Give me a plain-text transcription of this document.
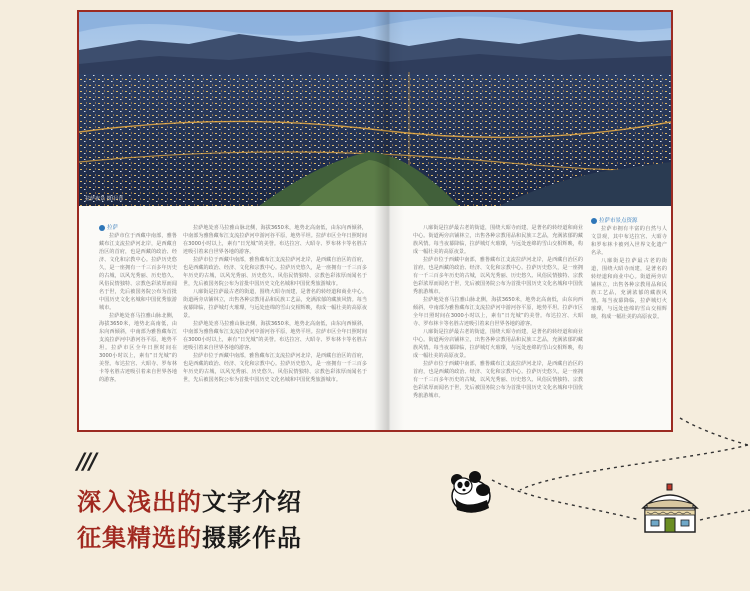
拉萨夜景 摄/吕晋
拉萨

拉萨市位于西藏中南部，雅鲁藏布江支流拉萨河北岸，是西藏自治区的首府，也是西藏的政治、经济、文化和宗教中心。拉萨历史悠久，是一座拥有一千三百多年历史的古城，以风光秀丽、历史悠久、风俗民情独特、宗教色彩浓厚而闻名于世，先后被国务院公布为首批中国历史文化名城和中国优秀旅游城市。

拉萨地处喜马拉雅山脉北侧，海拔3650米，地势北高南低，由东向西倾斜，中南部为雅鲁藏布江支流拉萨河中游河谷平原，地势平坦。拉萨市区全年日照时间在3000小时以上，素有“日光城”的美誉。布达拉宫、大昭寺、罗布林卡等名胜古迹吸引着来自世界各地的游客。

拉萨地处喜马拉雅山脉北侧，海拔3650米，地势北高南低，由东向西倾斜，中南部为雅鲁藏布江支流拉萨河中游河谷平原，地势平坦。拉萨市区全年日照时间在3000小时以上，素有“日光城”的美誉。布达拉宫、大昭寺、罗布林卡等名胜古迹吸引着来自世界各地的游客。

拉萨市位于西藏中南部，雅鲁藏布江支流拉萨河北岸，是西藏自治区的首府，也是西藏的政治、经济、文化和宗教中心。拉萨历史悠久，是一座拥有一千三百多年历史的古城，以风光秀丽、历史悠久、风俗民情独特、宗教色彩浓厚而闻名于世，先后被国务院公布为首批中国历史文化名城和中国优秀旅游城市。

八廓街是拉萨最古老的街道，围绕大昭寺而建，是著名的转经道和商业中心。街道两旁店铺林立，出售各种宗教用品和民族工艺品，充满浓郁的藏族风情。每当夜幕降临，拉萨城灯火璀璨，与远处连绵的雪山交相辉映，构成一幅壮美的高原夜景。

拉萨地处喜马拉雅山脉北侧，海拔3650米，地势北高南低，由东向西倾斜，中南部为雅鲁藏布江支流拉萨河中游河谷平原，地势平坦。拉萨市区全年日照时间在3000小时以上，素有“日光城”的美誉。布达拉宫、大昭寺、罗布林卡等名胜古迹吸引着来自世界各地的游客。

拉萨市位于西藏中南部，雅鲁藏布江支流拉萨河北岸，是西藏自治区的首府，也是西藏的政治、经济、文化和宗教中心。拉萨历史悠久，是一座拥有一千三百多年历史的古城，以风光秀丽、历史悠久、风俗民情独特、宗教色彩浓厚而闻名于世，先后被国务院公布为首批中国历史文化名城和中国优秀旅游城市。

八廓街是拉萨最古老的街道，围绕大昭寺而建，是著名的转经道和商业中心。街道两旁店铺林立，出售各种宗教用品和民族工艺品，充满浓郁的藏族风情。每当夜幕降临，拉萨城灯火璀璨，与远处连绵的雪山交相辉映，构成一幅壮美的高原夜景。

拉萨市位于西藏中南部，雅鲁藏布江支流拉萨河北岸，是西藏自治区的首府，也是西藏的政治、经济、文化和宗教中心。拉萨历史悠久，是一座拥有一千三百多年历史的古城，以风光秀丽、历史悠久、风俗民情独特、宗教色彩浓厚而闻名于世，先后被国务院公布为首批中国历史文化名城和中国优秀旅游城市。

拉萨地处喜马拉雅山脉北侧，海拔3650米，地势北高南低，由东向西倾斜，中南部为雅鲁藏布江支流拉萨河中游河谷平原，地势平坦。拉萨市区全年日照时间在3000小时以上，素有“日光城”的美誉。布达拉宫、大昭寺、罗布林卡等名胜古迹吸引着来自世界各地的游客。

八廓街是拉萨最古老的街道，围绕大昭寺而建，是著名的转经道和商业中心。街道两旁店铺林立，出售各种宗教用品和民族工艺品，充满浓郁的藏族风情。每当夜幕降临，拉萨城灯火璀璨，与远处连绵的雪山交相辉映，构成一幅壮美的高原夜景。

拉萨市位于西藏中南部，雅鲁藏布江支流拉萨河北岸，是西藏自治区的首府，也是西藏的政治、经济、文化和宗教中心。拉萨历史悠久，是一座拥有一千三百多年历史的古城，以风光秀丽、历史悠久、风俗民情独特、宗教色彩浓厚而闻名于世，先后被国务院公布为首批中国历史文化名城和中国优秀旅游城市。

拉萨市景点资源

拉萨市拥有丰富的自然与人文景观，其中布达拉宫、大昭寺和罗布林卡被列入世界文化遗产名录。

八廓街是拉萨最古老的街道，围绕大昭寺而建，是著名的转经道和商业中心。街道两旁店铺林立，出售各种宗教用品和民族工艺品，充满浓郁的藏族风情。每当夜幕降临，拉萨城灯火璀璨，与远处连绵的雪山交相辉映，构成一幅壮美的高原夜景。

///
深入浅出的文字介绍
征集精选的摄影作品
